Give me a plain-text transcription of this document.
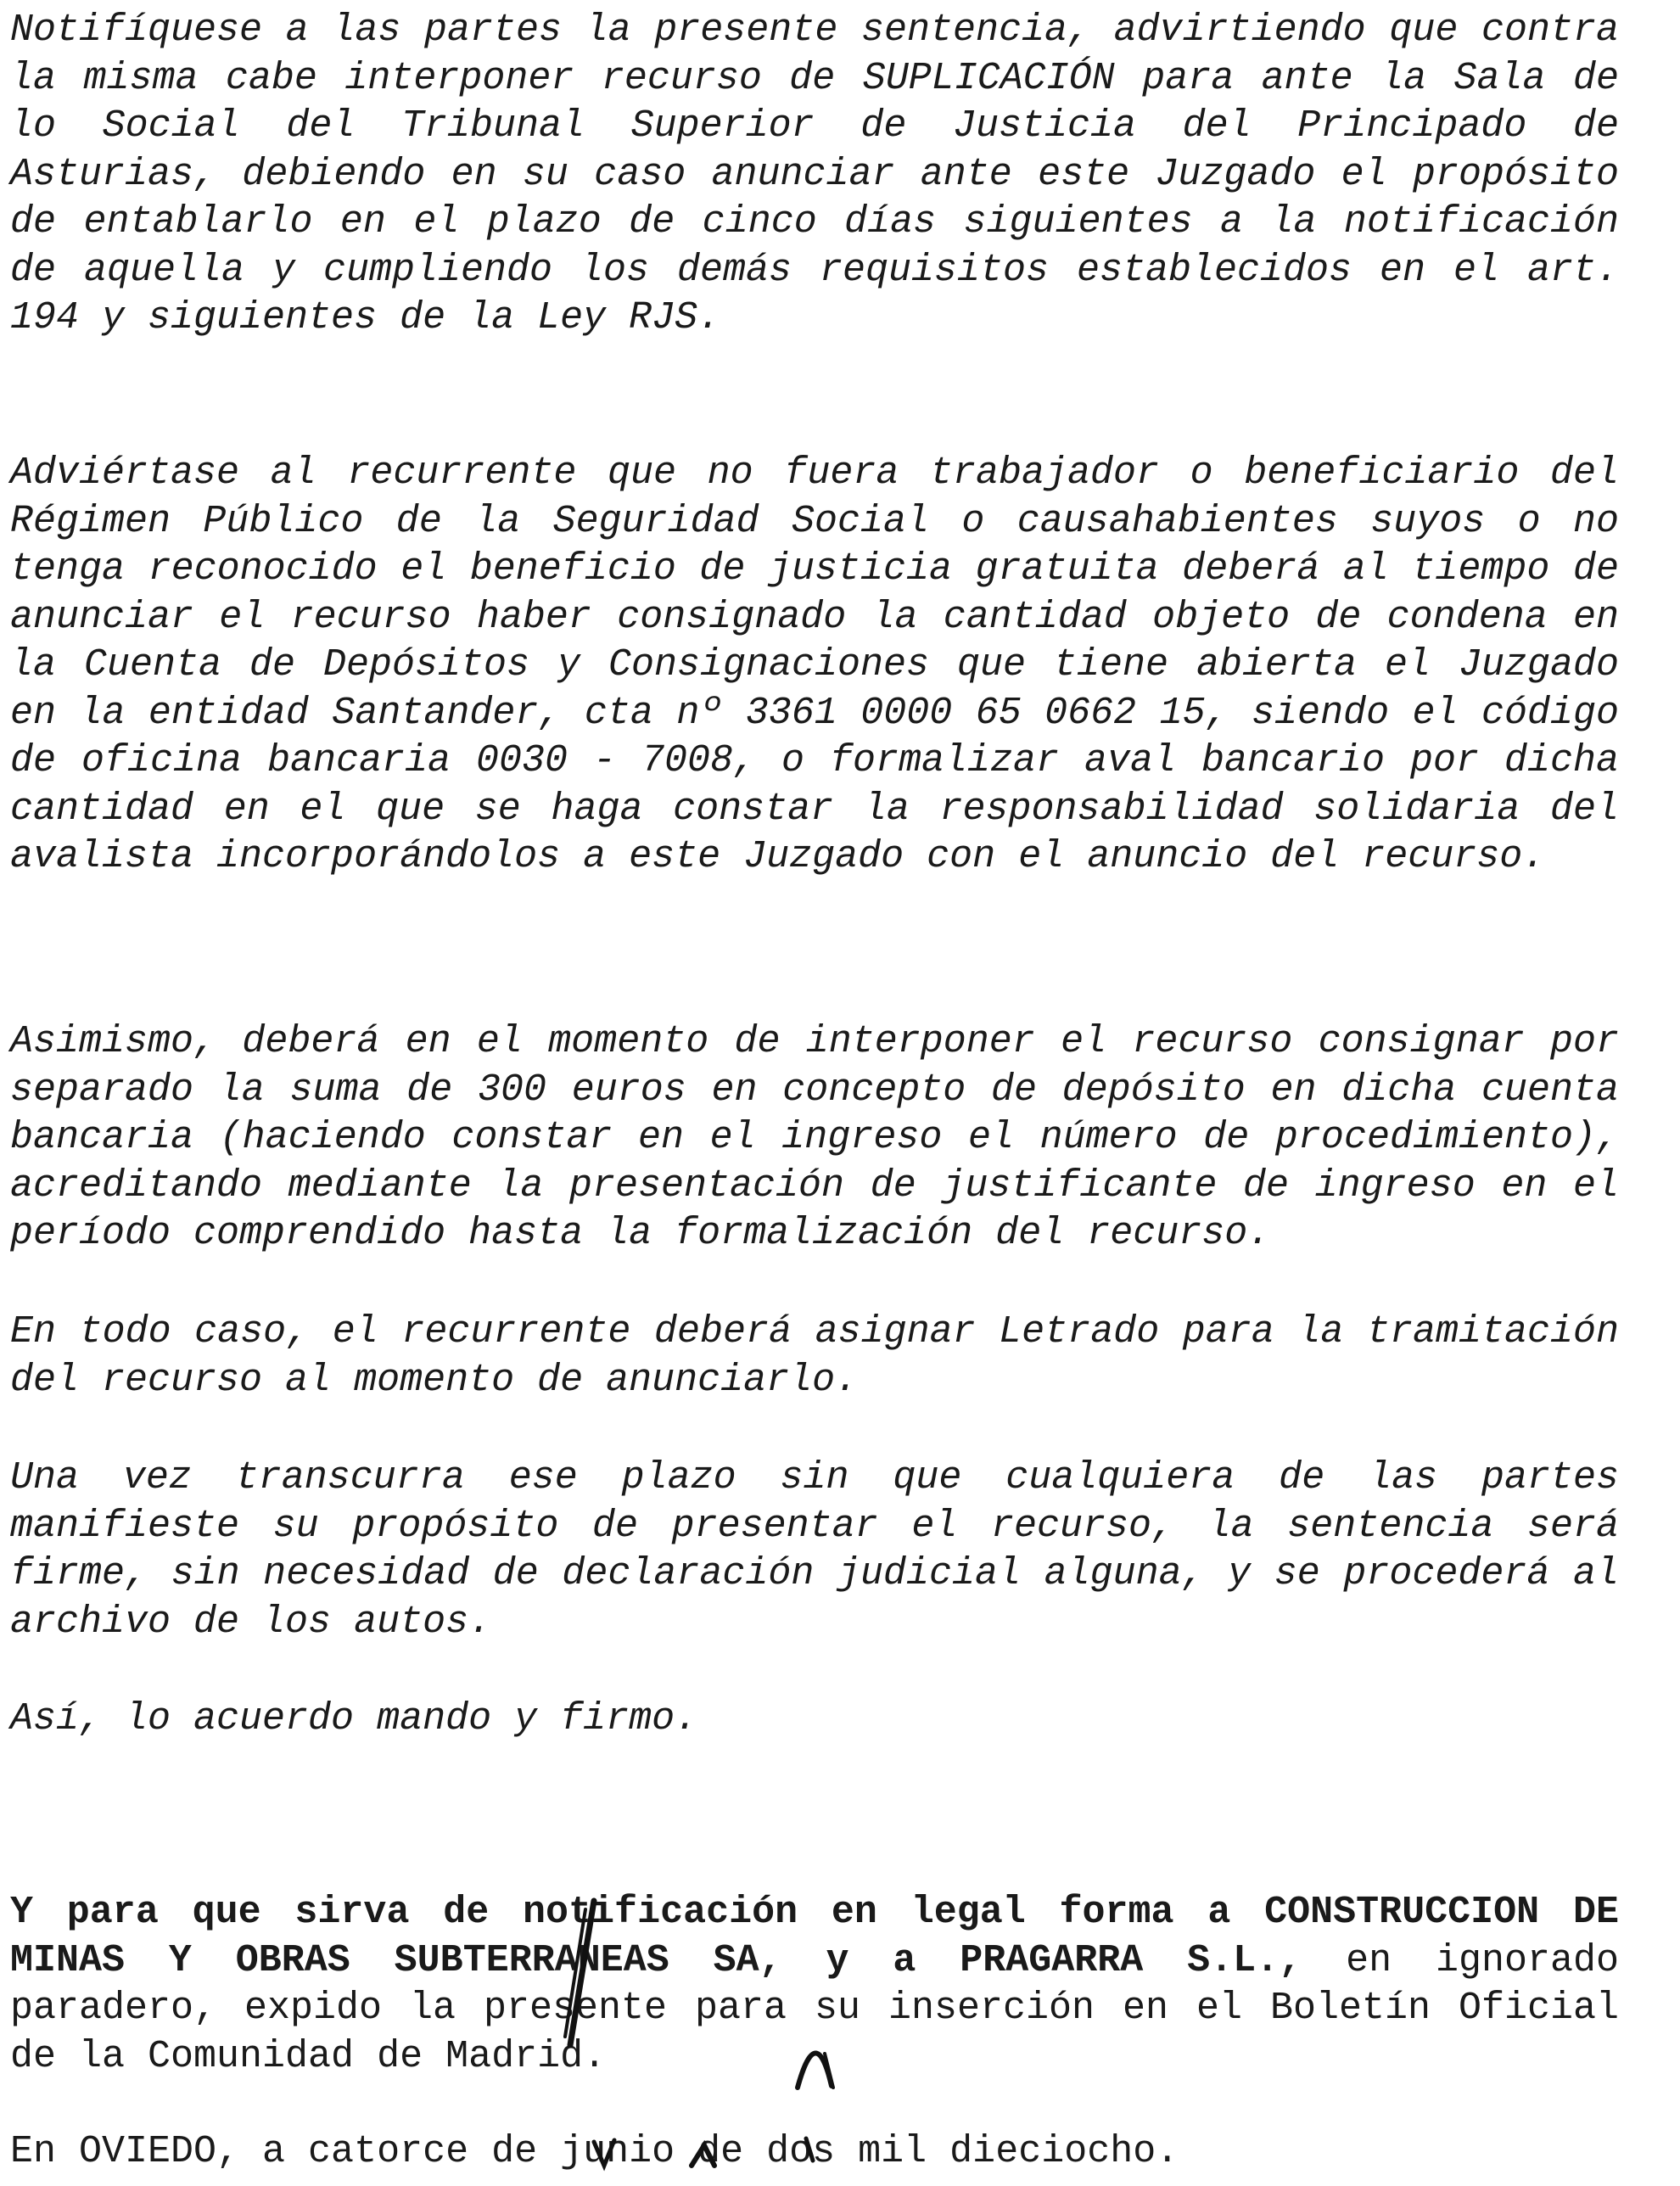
Notifíquese a las partes la presente sentencia, advirtiendo que contra la misma cabe interponer recurso de SUPLICACIÓN para ante la Sala de lo Social del Tribunal Superior de Justicia del Principado de Asturias, debiendo en su caso anunciar ante este Juzgado el propósito de entablarlo en el plazo de cinco días siguientes a la notificación de aquella y cumpliendo los demás requisitos establecidos en el art. 194 y siguientes de la Ley RJS.

Adviértase al recurrente que no fuera trabajador o beneficiario del Régimen Público de la Seguridad Social o causahabientes suyos o no tenga reconocido el beneficio de justicia gratuita deberá al tiempo de anunciar el recurso haber consignado la cantidad objeto de condena en la Cuenta de Depósitos y Consignaciones que tiene abierta el Juzgado en la entidad Santander, cta nº 3361 0000 65 0662 15, siendo el código de oficina bancaria 0030 - 7008, o formalizar aval bancario por dicha cantidad en el que se haga constar la responsabilidad solidaria del avalista incorporándolos a este Juzgado con el anuncio del recurso.

Asimismo, deberá en el momento de interponer el recurso consignar por separado la suma de 300 euros en concepto de depósito en dicha cuenta bancaria (haciendo constar en el ingreso el número de procedimiento), acreditando mediante la presentación de justificante de ingreso en el período comprendido hasta la formalización del recurso.

En todo caso, el recurrente deberá asignar Letrado para la tramitación del recurso al momento de anunciarlo.

Una vez transcurra ese plazo sin que cualquiera de las partes manifieste su propósito de presentar el recurso, la sentencia será firme, sin necesidad de declaración judicial alguna, y se procederá al archivo de los autos.

Así, lo acuerdo mando y firmo.

Y para que sirva de notificación en legal forma a CONSTRUCCION DE MINAS Y OBRAS SUBTERRANEAS SA, y a PRAGARRA S.L., en ignorado paradero, expido la presente para su inserción en el Boletín Oficial de la Comunidad de Madrid.

En OVIEDO, a catorce de junio de dos mil dieciocho.
